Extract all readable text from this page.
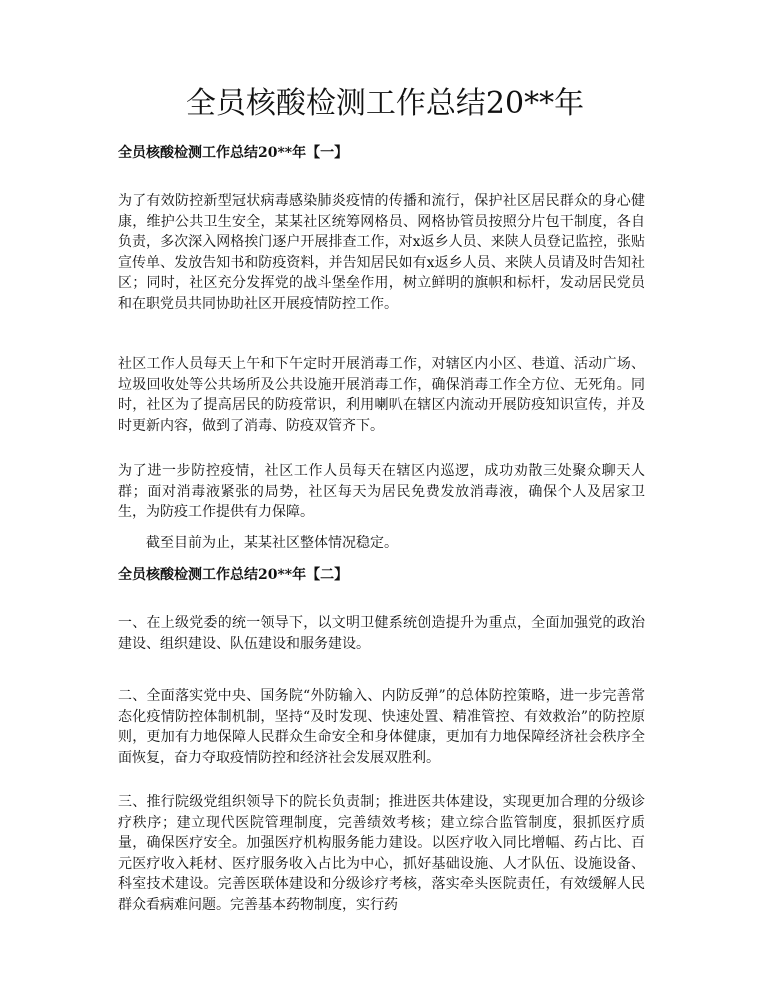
全员核酸检测工作总结20**年
全员核酸检测工作总结20**年【一】

为了有效防控新型冠状病毒感染肺炎疫情的传播和流行，保护社区居民群众的身心健康，维护公共卫生安全，某某社区统筹网格员、网格协管员按照分片包干制度，各自负责，多次深入网格挨门逐户开展排查工作，对x返乡人员、来陕人员登记监控，张贴宣传单、发放告知书和防疫资料，并告知居民如有x返乡人员、来陕人员请及时告知社区；同时，社区充分发挥党的战斗堡垒作用，树立鲜明的旗帜和标杆，发动居民党员和在职党员共同协助社区开展疫情防控工作。

社区工作人员每天上午和下午定时开展消毒工作，对辖区内小区、巷道、活动广场、垃圾回收处等公共场所及公共设施开展消毒工作，确保消毒工作全方位、无死角。同时，社区为了提高居民的防疫常识，利用喇叭在辖区内流动开展防疫知识宣传，并及时更新内容，做到了消毒、防疫双管齐下。

为了进一步防控疫情，社区工作人员每天在辖区内巡逻，成功劝散三处聚众聊天人群；面对消毒液紧张的局势，社区每天为居民免费发放消毒液，确保个人及居家卫生，为防疫工作提供有力保障。

截至目前为止，某某社区整体情况稳定。

全员核酸检测工作总结20**年【二】

一、在上级党委的统一领导下，以文明卫健系统创造提升为重点，全面加强党的政治建设、组织建设、队伍建设和服务建设。

二、全面落实党中央、国务院“外防输入、内防反弹”的总体防控策略，进一步完善常态化疫情防控体制机制，坚持“及时发现、快速处置、精准管控、有效救治”的防控原则，更加有力地保障人民群众生命安全和身体健康，更加有力地保障经济社会秩序全面恢复，奋力夺取疫情防控和经济社会发展双胜利。

三、推行院级党组织领导下的院长负责制；推进医共体建设，实现更加合理的分级诊疗秩序；建立现代医院管理制度，完善绩效考核；建立综合监管制度，狠抓医疗质量，确保医疗安全。加强医疗机构服务能力建设。以医疗收入同比增幅、药占比、百元医疗收入耗材、医疗服务收入占比为中心，抓好基础设施、人才队伍、设施设备、科室技术建设。完善医联体建设和分级诊疗考核，落实牵头医院责任，有效缓解人民群众看病难问题。完善基本药物制度，实行药
